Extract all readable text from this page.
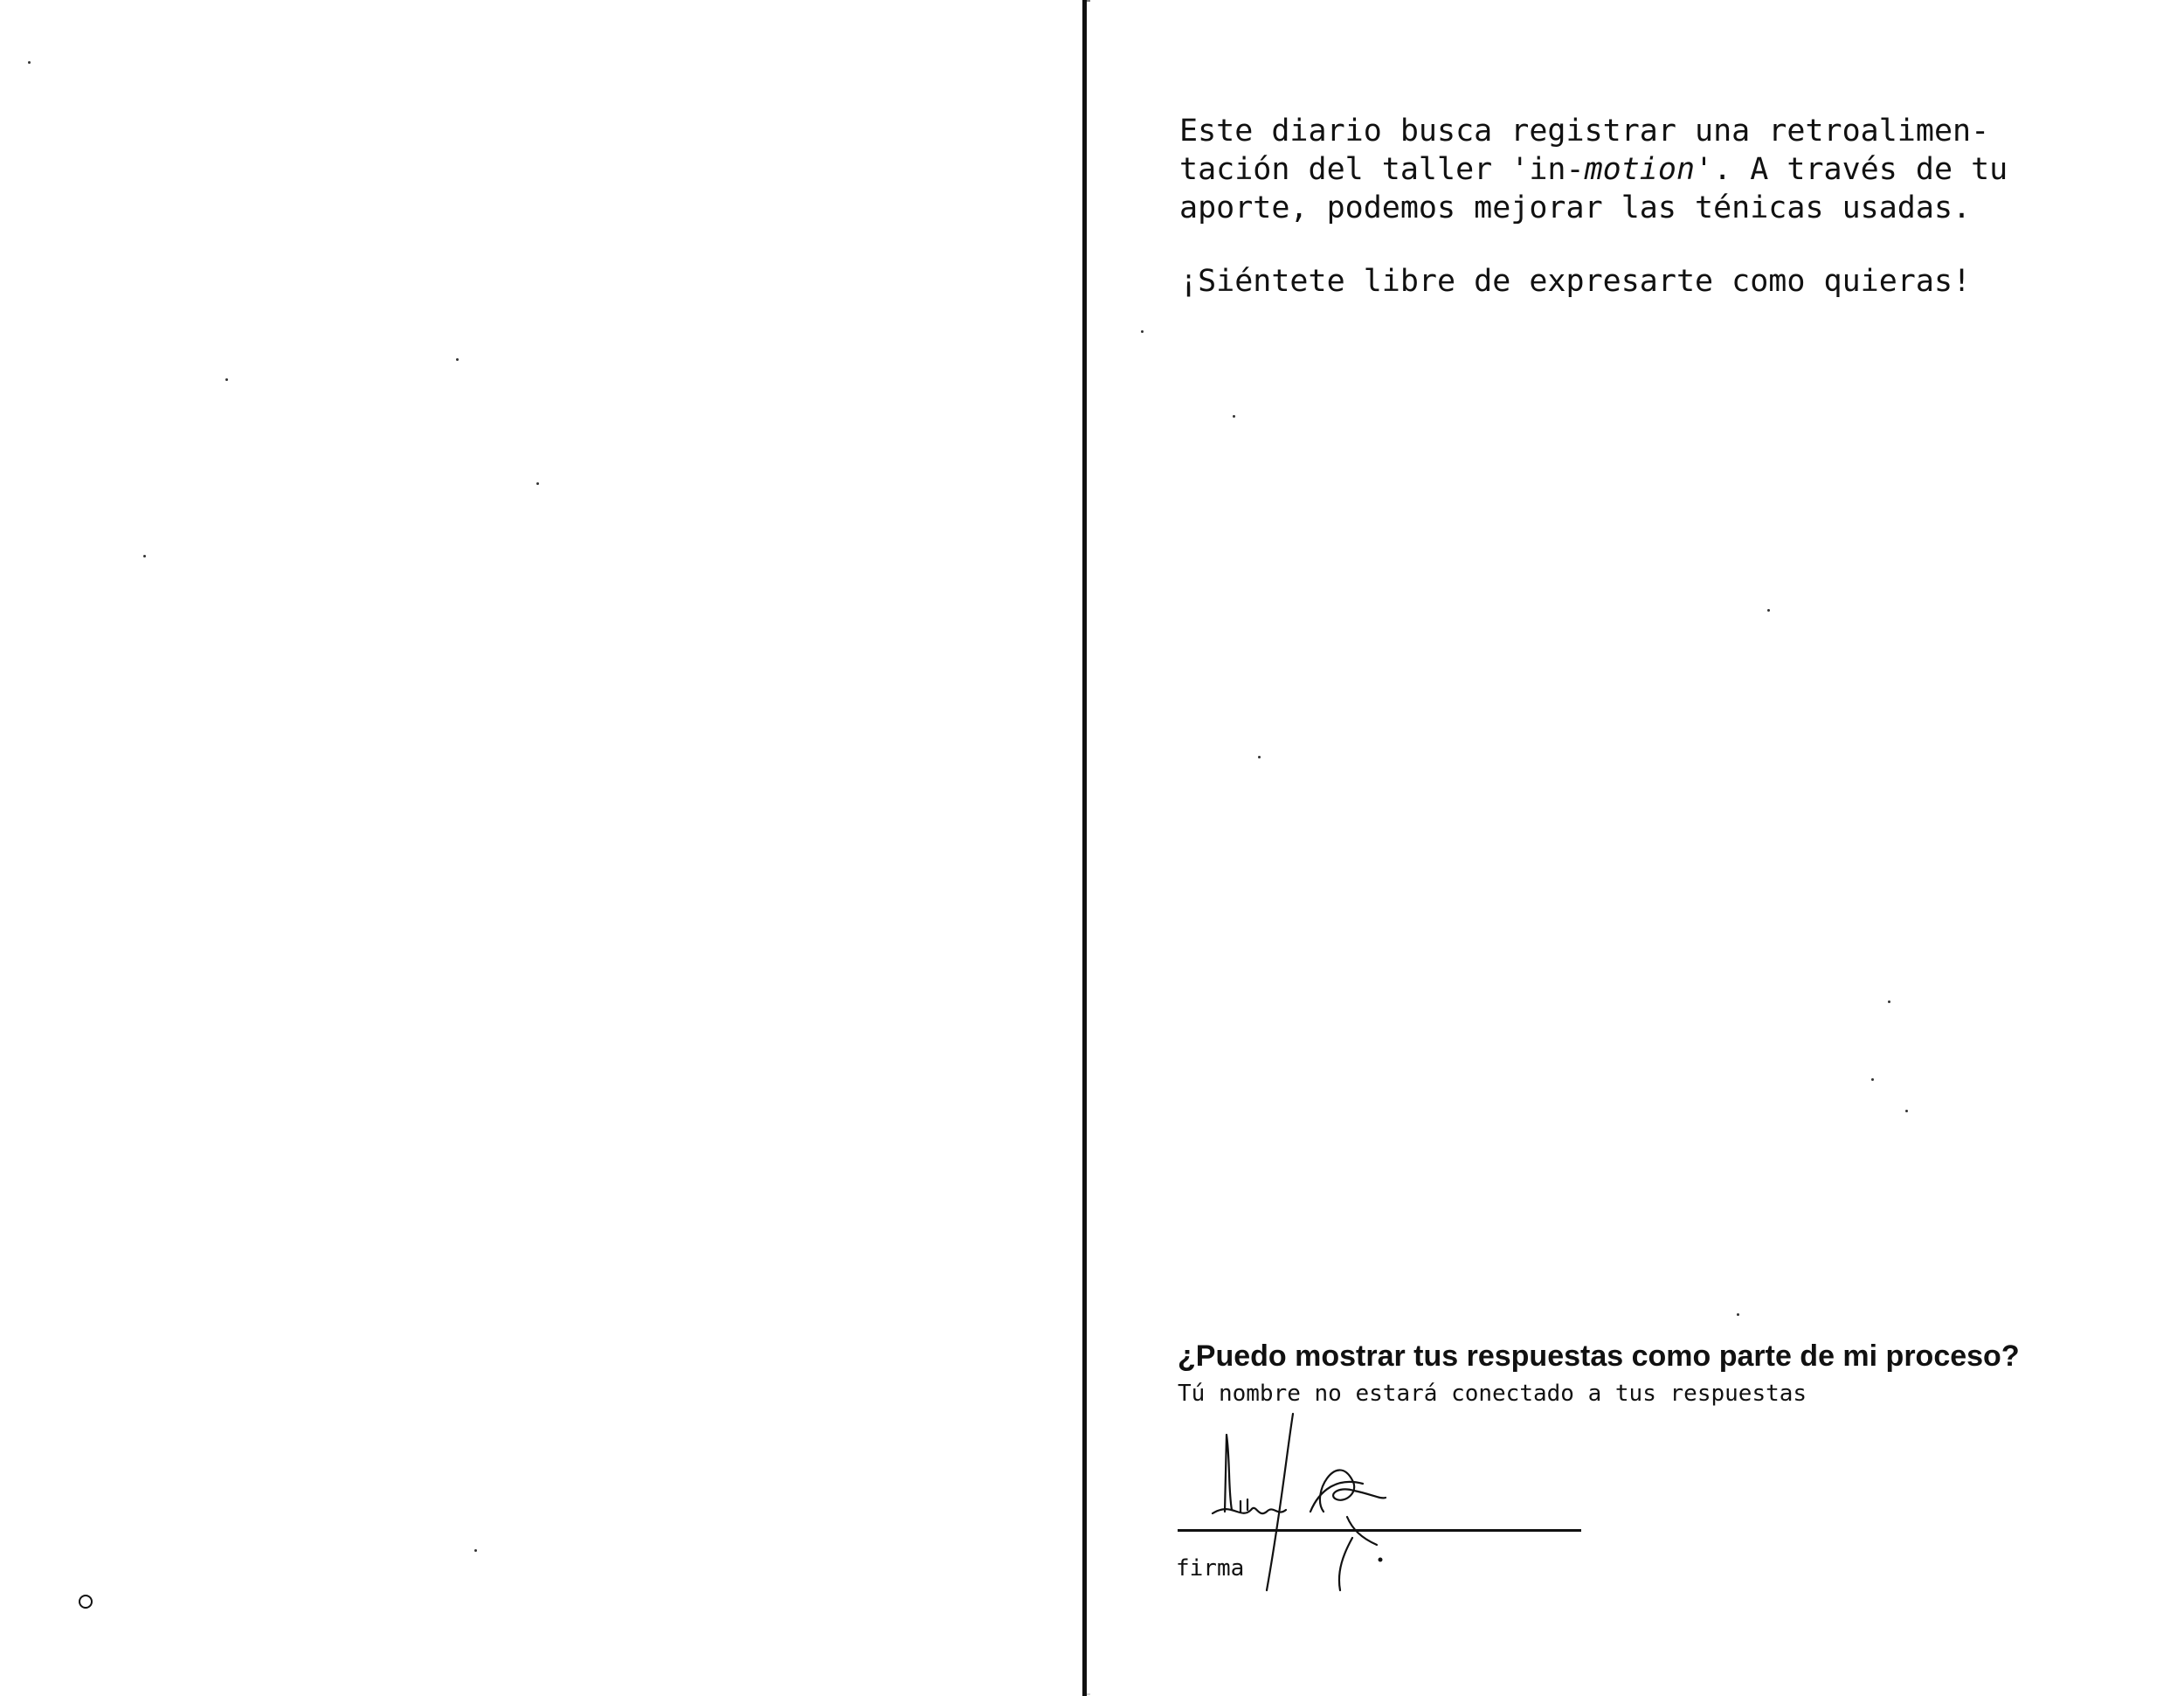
Este diario busca registrar una retroalimen-

tación del taller 'in-motion'. A través de tu

aporte, podemos mejorar las ténicas usadas.

¡Siéntete libre de expresarte como quieras!
¿Puedo mostrar tus respuestas como parte de mi proceso?
Tú nombre no estará conectado a tus respuestas
firma
